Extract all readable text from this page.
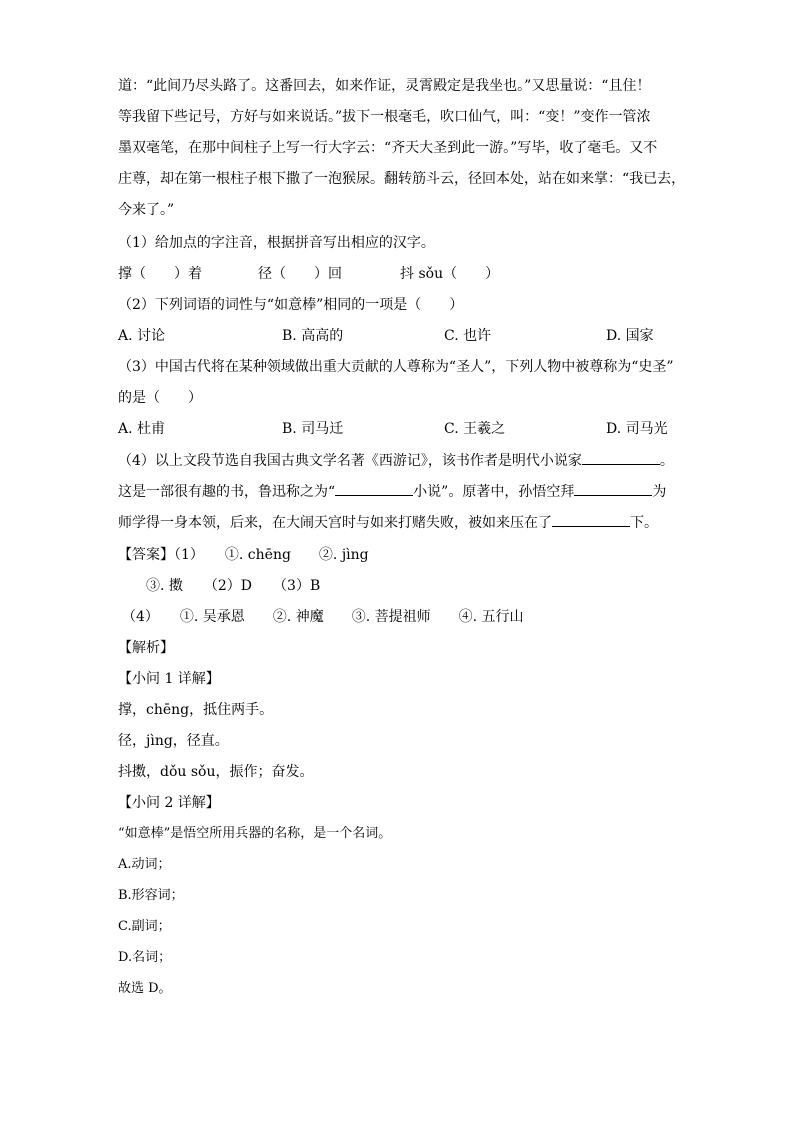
道：“此间乃尽头路了。这番回去，如来作证，灵霄殿定是我坐也。”又思量说：“且住！
等我留下些记号，方好与如来说话。”拔下一根毫毛，吹口仙气，叫：“变！”变作一管浓
墨双毫笔，在那中间柱子上写一行大字云：“齐天大圣到此一游。”写毕，收了毫毛。又不
庄尊，却在第一根柱子根下撒了一泡猴尿。翻转筋斗云，径回本处，站在如来掌：“我已去，
今来了。”
（1）给加点的字注音，根据拼音写出相应的汉字。
撑（　　）着	径（　　）回	抖 sǒu（　　）
（2）下列词语的词性与“如意棒”相同的一项是（　　）
A. 讨论	B. 高高的	C. 也许	D. 国家
（3）中国古代将在某种领域做出重大贡献的人尊称为“圣人”，下列人物中被尊称为“史圣”
的是（　　）
A. 杜甫	B. 司马迁	C. 王羲之	D. 司马光
（4）以上文段节选自我国古典文学名著《西游记》，该书作者是明代小说家	。
这是一部很有趣的书，鲁迅称之为“	小说”。原著中，孙悟空拜	为
师学得一身本领，后来，在大闹天宫时与如来打赌失败，被如来压在了	下。
【答案】（1）　　①. chēng　　②. jìng
③. 擞　　（2）D　　（3）B
（4）　　①. 吴承恩　　②. 神魔　　③. 菩提祖师　　④. 五行山
【解析】
【小问 1 详解】
撑，chēng，抵住两手。
径，jìng，径直。
抖擞，dǒu sǒu，振作；奋发。
【小问 2 详解】
“如意棒”是悟空所用兵器的名称，是一个名词。
A.动词；
B.形容词；
C.副词；
D.名词；
故选 D。
